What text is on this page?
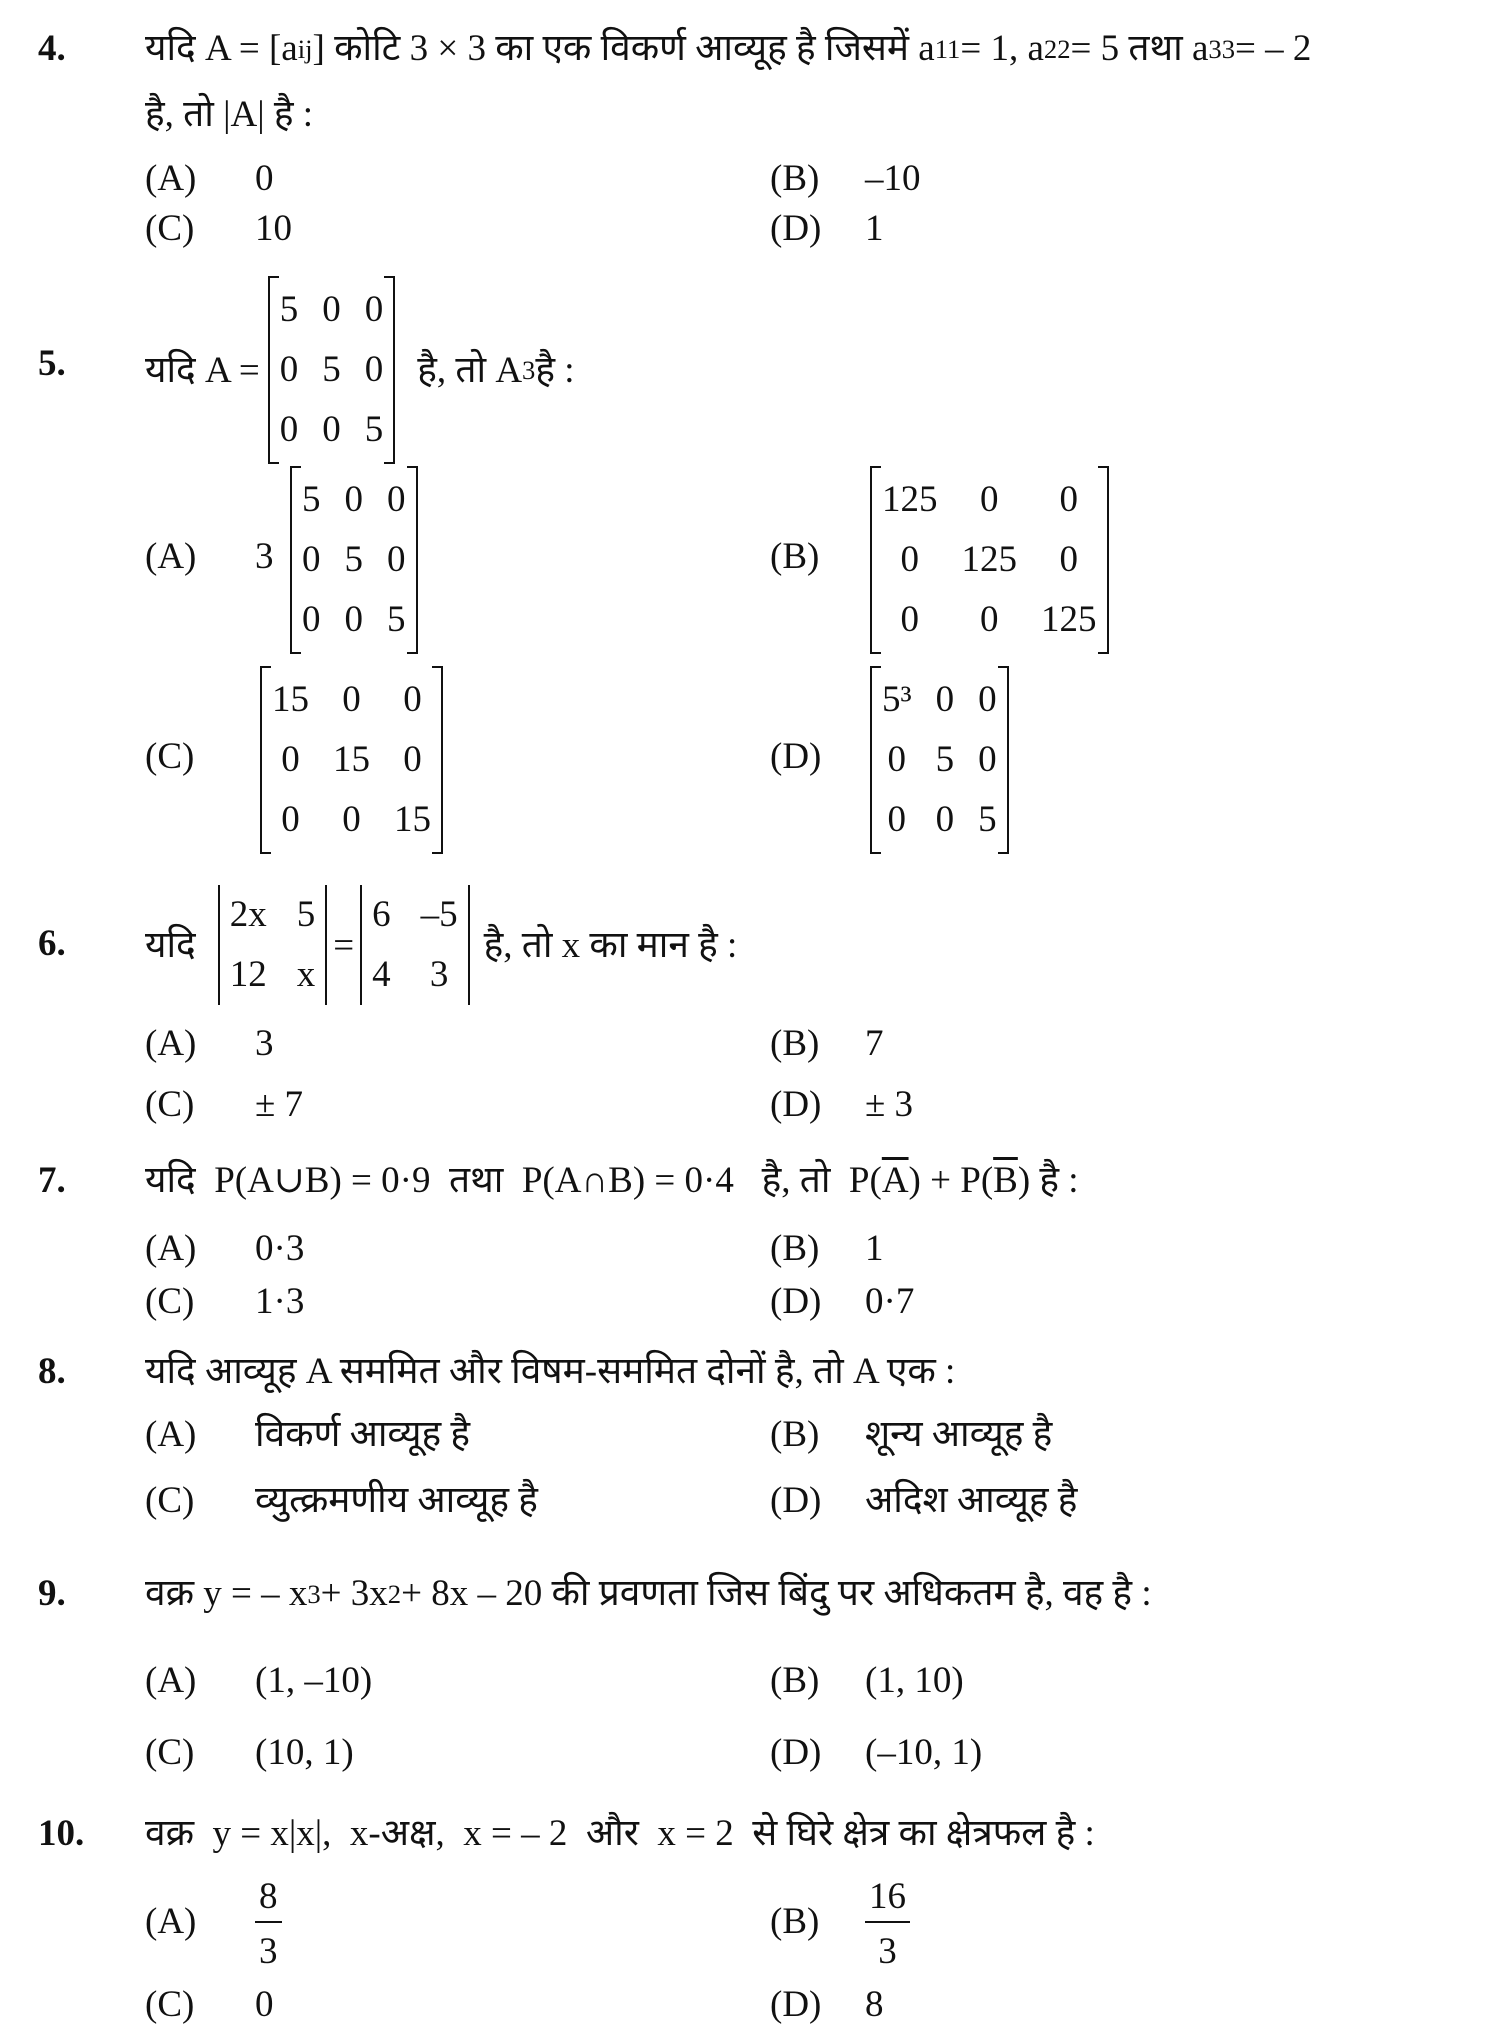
4. यदि A = [a ij ] कोटि 3 × 3 का एक विकर्ण आव्यूह है जिसमें a 11 = 1, a 22 = 5 तथा a 33 = – 2
है, तो |A| है :
(A) 0	(B) –10
(C) 10	(D) 1
5. यदि A =
5 0 0
0 5 0
0 0 5
है, तो A 3 है :
(A) 3
5 0 0
0 5 0
0 0 5
(B)
125	0	0
0	125	0
0	0	125
(C)
15 0 0
0 15 0
0 0 15
(D)
5³ 0 0
0 5 0
0 0 5
6. यदि
2x 5
12 x
=
6 –5
4 3
है, तो x का मान है :
(A) 3	(B) 7
(C) ± 7	(D) ± 3
7. यदि  P(A∪B) = 0·9  तथा  P(A∩B) = 0·4   है, तो  P( $\overline{A}$ ) + P( $\overline{B}$ ) है :
(A) 0·3	(B) 1
(C) 1·3	(D) 0·7
8. यदि आव्यूह A सममित और विषम-सममित दोनों है, तो A एक :
(A) विकर्ण आव्यूह है	(B) शून्य आव्यूह है
(C) व्युत्क्रमणीय आव्यूह है	(D) अदिश आव्यूह है
9. वक्र y = – x 3 + 3x 2 + 8x – 20 की प्रवणता जिस बिंदु पर अधिकतम है, वह है :
(A) (1, –10)	(B) (1, 10)
(C) (10, 1)	(D) (–10, 1)
10. वक्र  y = x|x|,  x-अक्ष,  x = – 2  और  x = 2  से घिरे क्षेत्र का क्षेत्रफल है :
$(A) \frac{8}{3}$	$(B) \frac{16}{3}$
(C) 0	(D) 8
